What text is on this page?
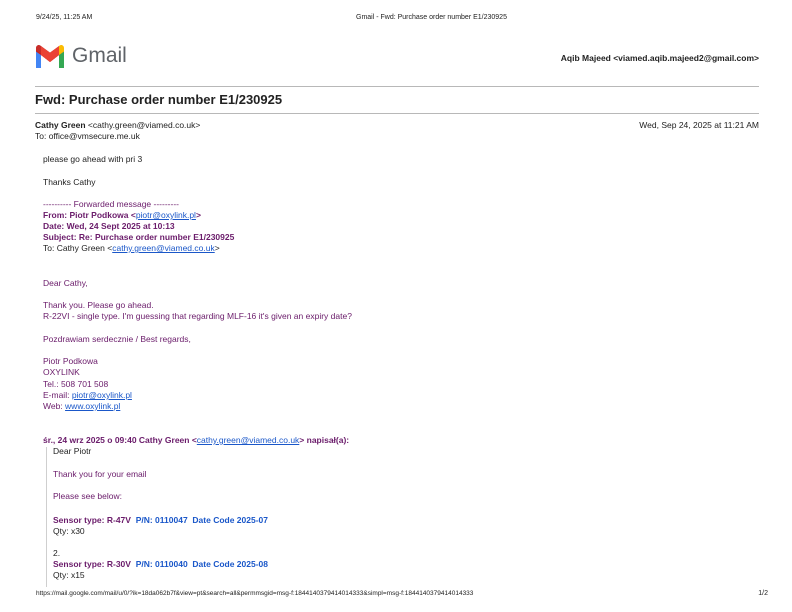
9/24/25, 11:25 AM	Gmail - Fwd: Purchase order number E1/230925
Gmail	Aqib Majeed <viamed.aqib.majeed2@gmail.com>
Fwd: Purchase order number E1/230925
Cathy Green <cathy.green@viamed.co.uk>	Wed, Sep 24, 2025 at 11:21 AM
To: office@vmsecure.me.uk
please go ahead with pri 3
Thanks Cathy
---------- Forwarded message ---------
From: Piotr Podkowa <piotr@oxylink.pl>
Date: Wed, 24 Sept 2025 at 10:13
Subject: Re: Purchase order number E1/230925
To: Cathy Green <cathy.green@viamed.co.uk>
Dear Cathy,
Thank you. Please go ahead.
R-22VI - single type. I'm guessing that regarding MLF-16 it's given an expiry date?
Pozdrawiam serdecznie / Best regards,
Piotr Podkowa
OXYLINK
Tel.: 508 701 508
E-mail: piotr@oxylink.pl
Web: www.oxylink.pl
śr., 24 wrz 2025 o 09:40 Cathy Green <cathy.green@viamed.co.uk> napisał(a):
Dear Piotr
Thank you for your email
Please see below:
Sensor type: R-47V P/N: 0110047 Date Code 2025-07
Qty: x30
2.
Sensor type: R-30V P/N: 0110040 Date Code 2025-08
Qty: x15
https://mail.google.com/mail/u/0/?ik=18da062b7f&view=pt&search=all&permmsgid=msg-f:1844140379414014333&simpl=msg-f:1844140379414014333	1/2
